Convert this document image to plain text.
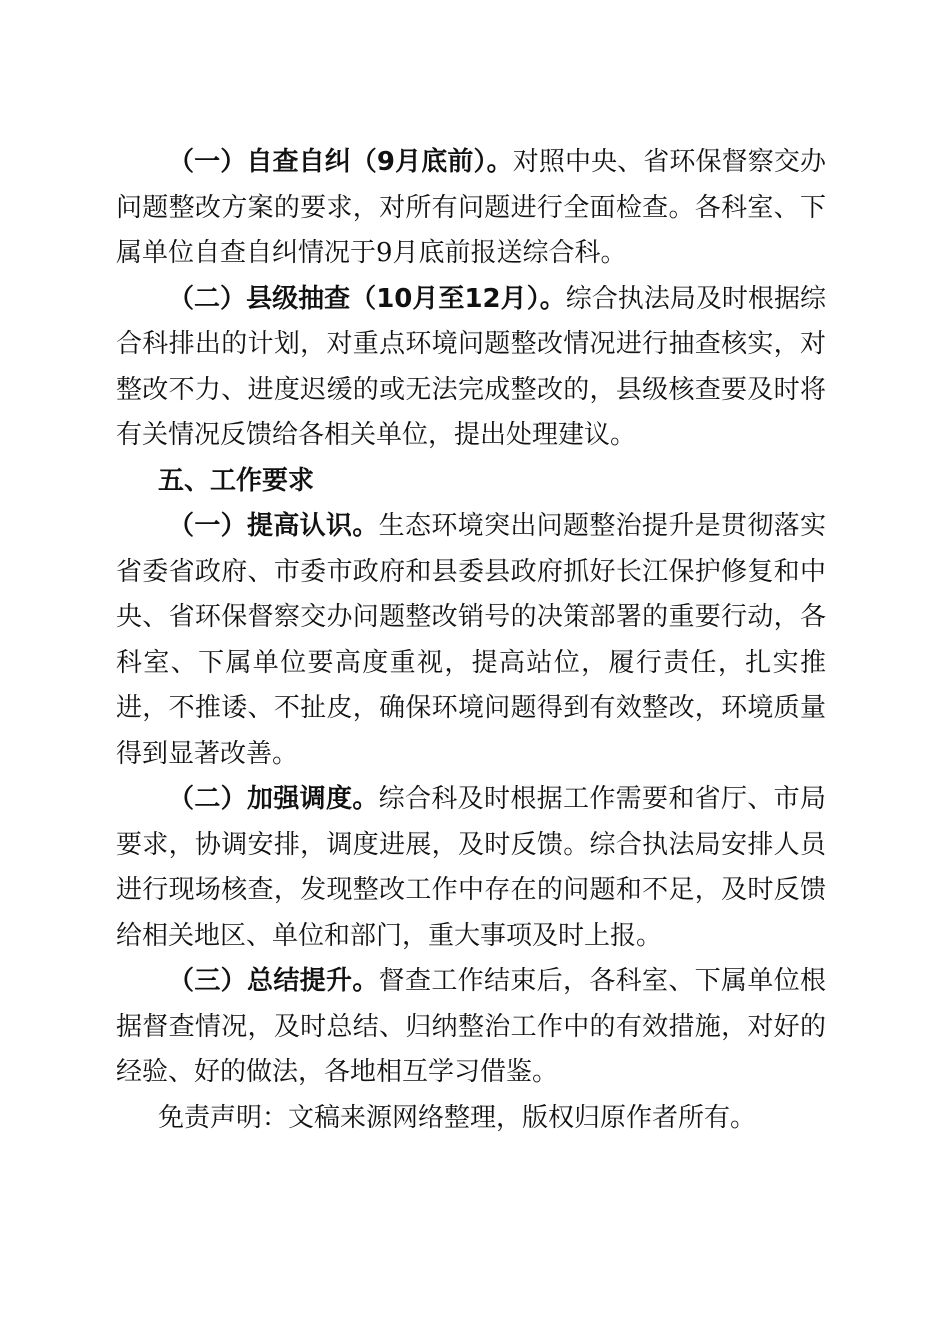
（一）自查自纠（9月底前）。对照中央、省环保督察交办问题整改方案的要求，对所有问题进行全面检查。各科室、下属单位自查自纠情况于9月底前报送综合科。

（二）县级抽查（10月至12月）。综合执法局及时根据综合科排出的计划，对重点环境问题整改情况进行抽查核实，对整改不力、进度迟缓的或无法完成整改的，县级核查要及时将有关情况反馈给各相关单位，提出处理建议。

五、工作要求

（一）提高认识。生态环境突出问题整治提升是贯彻落实省委省政府、市委市政府和县委县政府抓好长江保护修复和中央、省环保督察交办问题整改销号的决策部署的重要行动，各科室、下属单位要高度重视，提高站位，履行责任，扎实推进，不推诿、不扯皮，确保环境问题得到有效整改，环境质量得到显著改善。

（二）加强调度。综合科及时根据工作需要和省厅、市局要求，协调安排，调度进展，及时反馈。综合执法局安排人员进行现场核查，发现整改工作中存在的问题和不足，及时反馈给相关地区、单位和部门，重大事项及时上报。

（三）总结提升。督查工作结束后，各科室、下属单位根据督查情况，及时总结、归纳整治工作中的有效措施，对好的经验、好的做法，各地相互学习借鉴。

免责声明：文稿来源网络整理，版权归原作者所有。
